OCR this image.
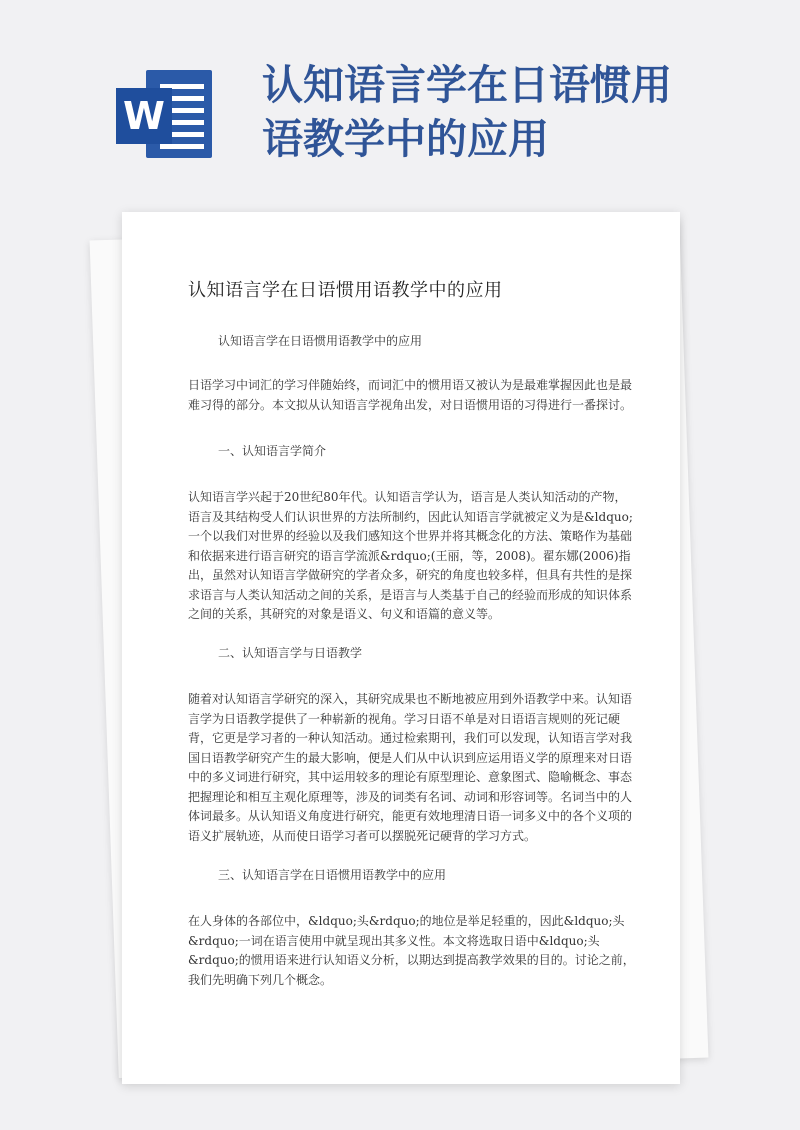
W
认知语言学在日语惯用
语教学中的应用
认知语言学在日语惯用语教学中的应用

认知语言学在日语惯用语教学中的应用

日语学习中词汇的学习伴随始终，而词汇中的惯用语又被认为是最难掌握因此也是最难习得的部分。本文拟从认知语言学视角出发，对日语惯用语的习得进行一番探讨。

一、认知语言学简介

认知语言学兴起于20世纪80年代。认知语言学认为，语言是人类认知活动的产物，语言及其结构受人们认识世界的方法所制约，因此认知语言学就被定义为是&ldquo;一个以我们对世界的经验以及我们感知这个世界并将其概念化的方法、策略作为基础和依据来进行语言研究的语言学流派&rdquo;(王丽，等，2008)。翟东娜(2006)指出，虽然对认知语言学做研究的学者众多，研究的角度也较多样，但具有共性的是探求语言与人类认知活动之间的关系，是语言与人类基于自己的经验而形成的知识体系之间的关系，其研究的对象是语义、句义和语篇的意义等。

二、认知语言学与日语教学

随着对认知语言学研究的深入，其研究成果也不断地被应用到外语教学中来。认知语言学为日语教学提供了一种崭新的视角。学习日语不单是对日语语言规则的死记硬背，它更是学习者的一种认知活动。通过检索期刊，我们可以发现，认知语言学对我国日语教学研究产生的最大影响，便是人们从中认识到应运用语义学的原理来对日语中的多义词进行研究，其中运用较多的理论有原型理论、意象图式、隐喻概念、事态把握理论和相互主观化原理等，涉及的词类有名词、动词和形容词等。名词当中的人体词最多。从认知语义角度进行研究，能更有效地理清日语一词多义中的各个义项的语义扩展轨迹，从而使日语学习者可以摆脱死记硬背的学习方式。

三、认知语言学在日语惯用语教学中的应用

在人身体的各部位中，&ldquo;头&rdquo;的地位是举足轻重的，因此&ldquo;头&rdquo;一词在语言使用中就呈现出其多义性。本文将选取日语中&ldquo;头&rdquo;的惯用语来进行认知语义分析，以期达到提高教学效果的目的。讨论之前，我们先明确下列几个概念。
